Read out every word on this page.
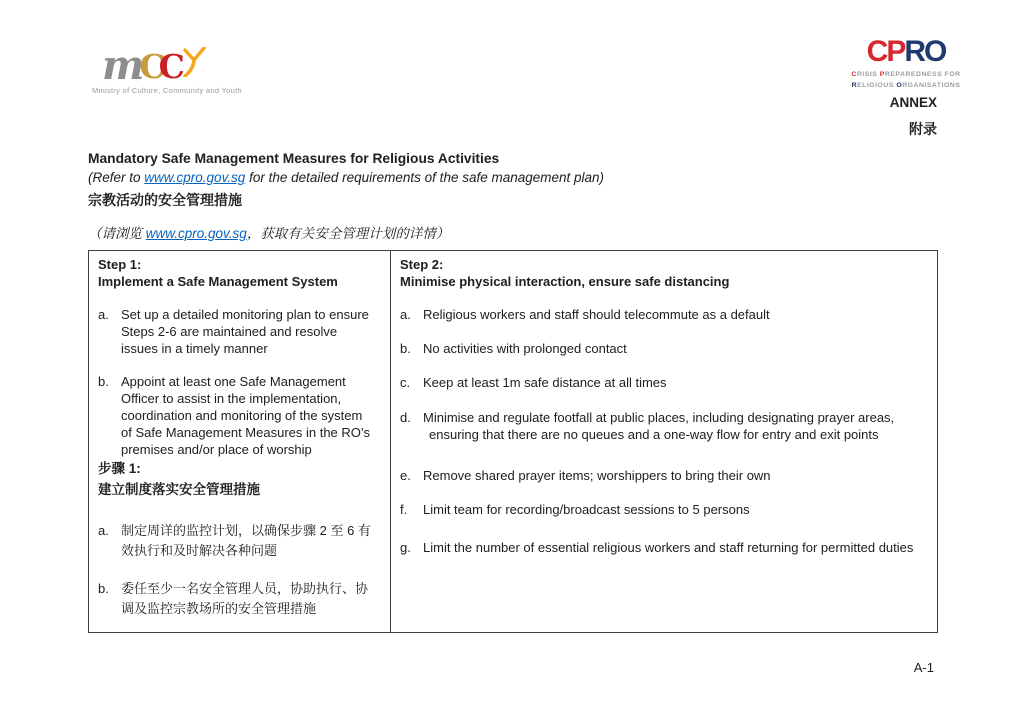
m
C
C
Ministry of Culture, Community and Youth
CPRO
CRISIS PREPAREDNESS FOR
RELIGIOUS ORGANISATIONS
ANNEX
附录
Mandatory Safe Management Measures for Religious Activities
(Refer to www.cpro.gov.sg for the detailed requirements of the safe management plan)
宗教活动的安全管理措施
（请浏览 www.cpro.gov.sg，获取有关安全管理计划的详情）
Step 1:
Implement a Safe Management System
a. Set up a detailed monitoring plan to ensure Steps 2-6 are maintained and resolve issues in a timely manner
b. Appoint at least one Safe Management Officer to assist in the implementation, coordination and monitoring of the system of Safe Management Measures in the RO’s premises and/or place of worship
步骤 1:
建立制度落实安全管理措施
a. 制定周详的监控计划，以确保步骤 2 至 6 有效执行和及时解决各种问题
b. 委任至少一名安全管理人员，协助执行、协调及监控宗教场所的安全管理措施
Step 2:
Minimise physical interaction, ensure safe distancing
a. Religious workers and staff should telecommute as a default
b. No activities with prolonged contact
c. Keep at least 1m safe distance at all times
d. Minimise and regulate footfall at public places, including designating prayer areas, ensuring that there are no queues and a one-way flow for entry and exit points
e. Remove shared prayer items; worshippers to bring their own
f.	Limit team for recording/broadcast sessions to 5 persons
g. Limit the number of essential religious workers and staff returning for permitted duties
A-1
